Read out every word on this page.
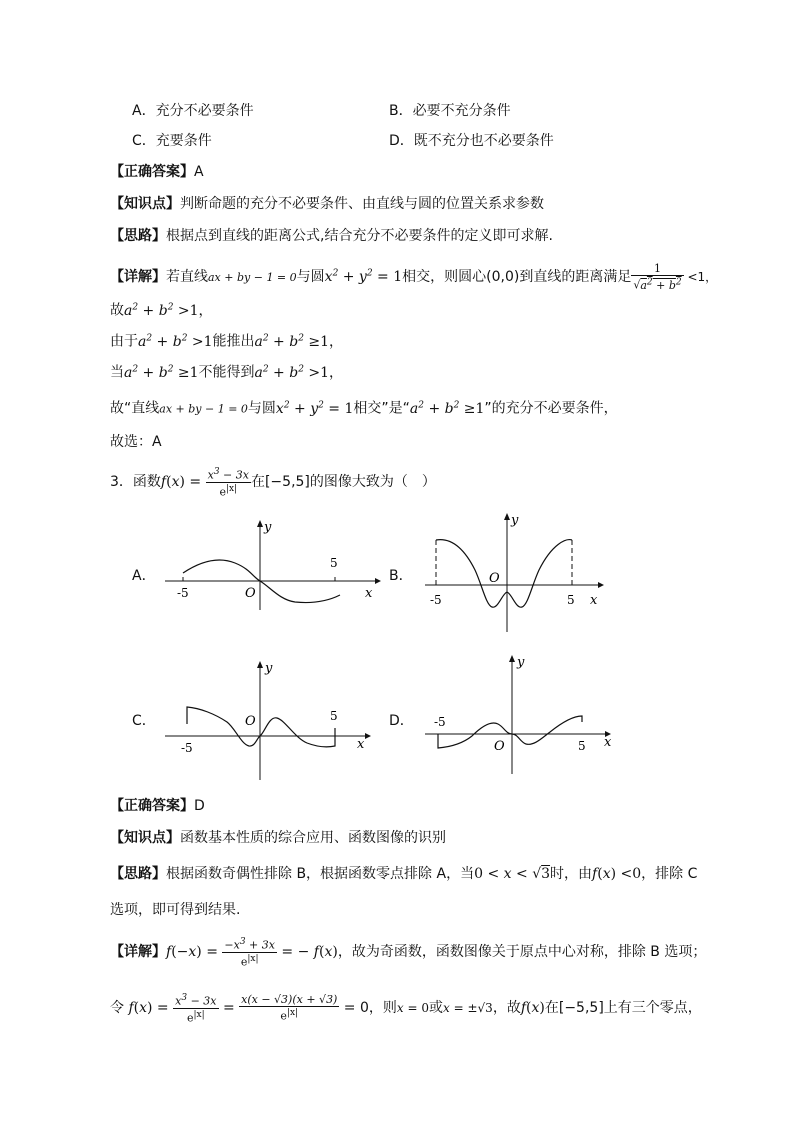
A．充分不必要条件	B．必要不充分条件
C．充要条件	D．既不充分也不必要条件
【正确答案】A
【知识点】判断命题的充分不必要条件、由直线与圆的位置关系求参数
【思路】根据点到直线的距离公式,结合充分不必要条件的定义即可求解.
【详解】若直线ax + by − 1 = 0与圆$x^2 + y^2 = 1$相交，则圆心(0,0)到直线的距离满足 $\frac{1}{√a^2 + b^2} <1$，
故$a^2 + b^2 >1$，
由于$a^2 + b^2 >1$能推出$a^2 + b^2 \ge 1$，
当$a^2 + b^2 \ge 1$不能得到$a^2 + b^2 >1$，
故“直线ax + by − 1 = 0与圆$x^2 + y^2 = 1$相交”是“$a^2 + b^2 \ge 1$”的充分不必要条件，
故选：A
3．函数$f(x) = \frac{x^3 - 3x}{e^{|x|}}$ 在[−5,5]的图像大致为（　）
A．	B．
C．	D．
-5
5
O	x
y
-5	5
O
x
y
-5
5
O
x
y
-5
5
O	x
y
【正确答案】D
【知识点】函数基本性质的综合应用、函数图像的识别
【思路】根据函数奇偶性排除 B，根据函数零点排除 A，当0 < x < √3时，由f(x) <0，排除 C
选项，即可得到结果.
【详解】$f(-x) = \frac{-x^3 + 3x}{e^{|x|}}$ = − f(x)，故为奇函数，函数图像关于原点中心对称，排除 B 选项；
令 $f(x) = \frac{x^3 - 3x}{e^{|x|}} = \frac{x(x - √3)(x + √3)}{e^{|x|}} = 0$，则x = 0或x = ±√3，故f(x)在[−5,5]上有三个零点，
